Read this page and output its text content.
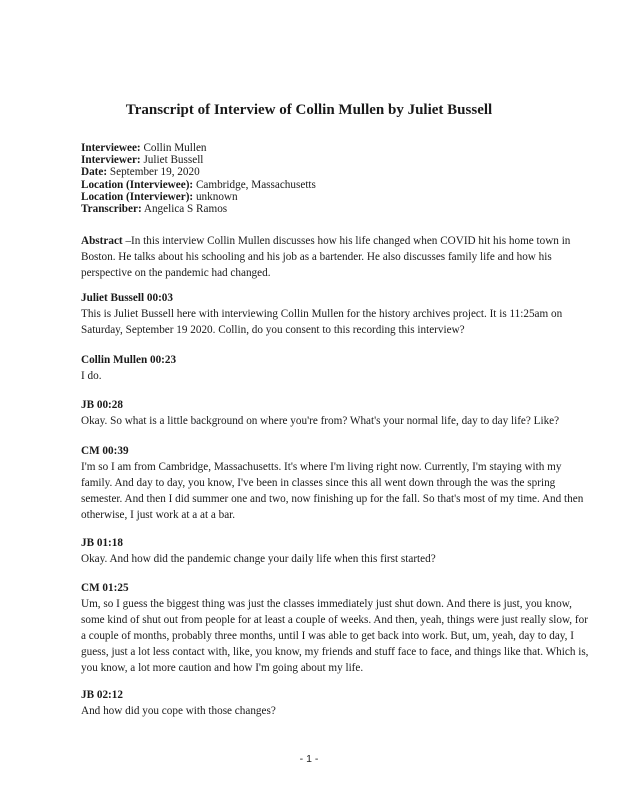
Transcript of Interview of Collin Mullen by Juliet Bussell
Interviewee: Collin Mullen
Interviewer: Juliet Bussell
Date: September 19, 2020
Location (Interviewee): Cambridge, Massachusetts
Location (Interviewer): unknown
Transcriber: Angelica S Ramos
Abstract –In this interview Collin Mullen discusses how his life changed when COVID hit his home town in
Boston. He talks about his schooling and his job as a bartender. He also discusses family life and how his
perspective on the pandemic had changed.
Juliet Bussell 00:03
This is Juliet Bussell here with interviewing Collin Mullen for the history archives project. It is 11:25am on
Saturday, September 19 2020. Collin, do you consent to this recording this interview?
Collin Mullen 00:23
I do.
JB 00:28
Okay. So what is a little background on where you're from? What's your normal life, day to day life? Like?
CM 00:39
I'm so I am from Cambridge, Massachusetts. It's where I'm living right now. Currently, I'm staying with my
family. And day to day, you know, I've been in classes since this all went down through the was the spring
semester. And then I did summer one and two, now finishing up for the fall. So that's most of my time. And then
otherwise, I just work at a at a bar.
JB 01:18
Okay. And how did the pandemic change your daily life when this first started?
CM 01:25
Um, so I guess the biggest thing was just the classes immediately just shut down. And there is just, you know,
some kind of shut out from people for at least a couple of weeks. And then, yeah, things were just really slow, for
a couple of months, probably three months, until I was able to get back into work. But, um, yeah, day to day, I
guess, just a lot less contact with, like, you know, my friends and stuff face to face, and things like that. Which is,
you know, a lot more caution and how I'm going about my life.
JB 02:12
And how did you cope with those changes?
- 1 -
